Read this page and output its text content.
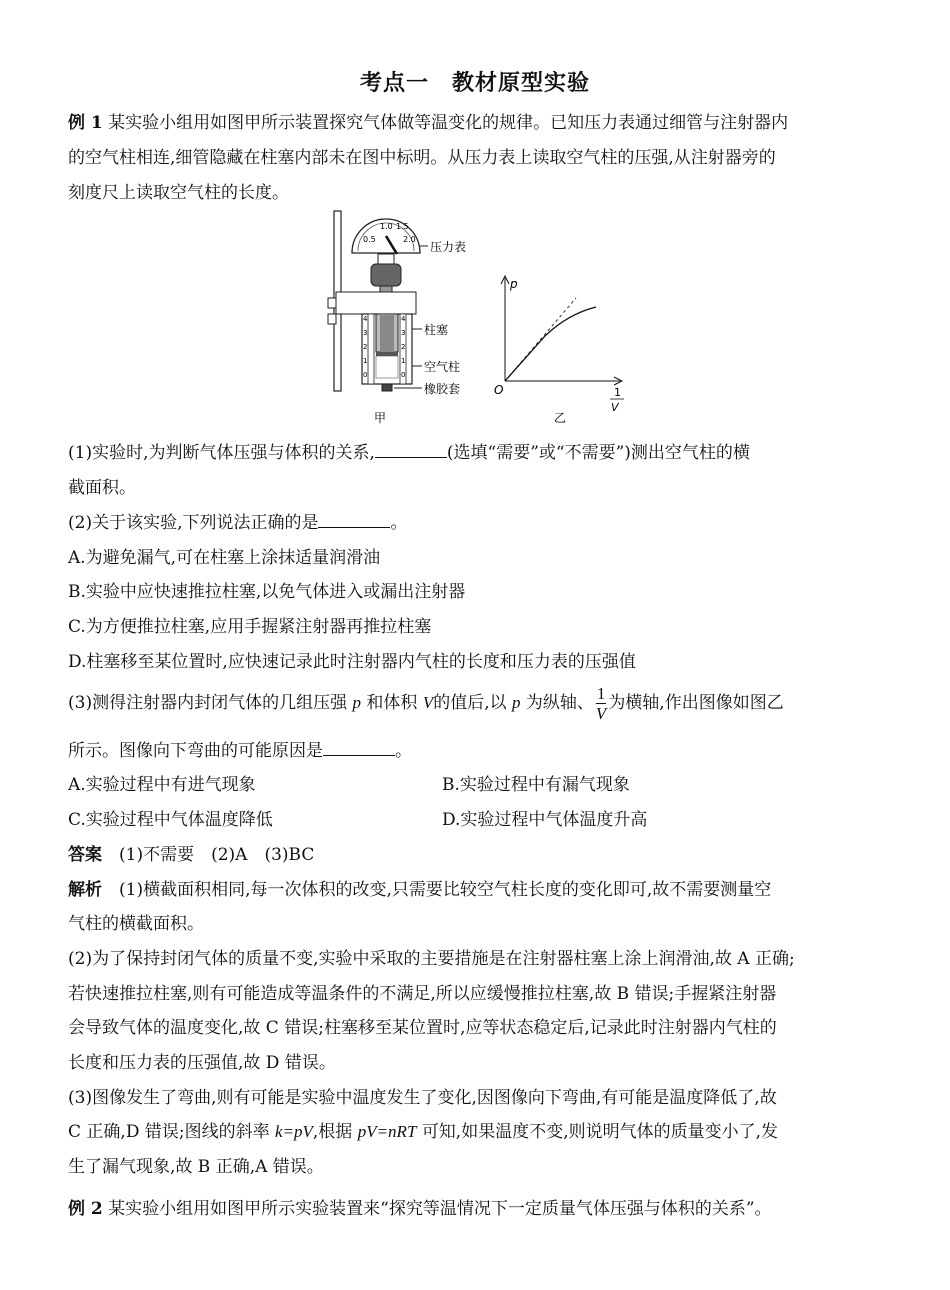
考点一　教材原型实验
例 1 某实验小组用如图甲所示装置探究气体做等温变化的规律。已知压力表通过细管与注射器内
的空气柱相连,细管隐藏在柱塞内部未在图中标明。从压力表上读取空气柱的压强,从注射器旁的
刻度尺上读取空气柱的长度。
1.0 1.5
0.5	2.0
压力表
4
3
2
1
0
4
3
2
1
0
柱塞
空气柱
橡胶套
甲
p
O	1
V
乙
(1)实验时,为判断气体压强与体积的关系,	(选填“需要”或“不需要”)测出空气柱的横
截面积。
(2)关于该实验,下列说法正确的是	。
A.为避免漏气,可在柱塞上涂抹适量润滑油
B.实验中应快速推拉柱塞,以免气体进入或漏出注射器
C.为方便推拉柱塞,应用手握紧注射器再推拉柱塞
D.柱塞移至某位置时,应快速记录此时注射器内气柱的长度和压力表的压强值
(3)测得注射器内封闭气体的几组压强 p 和体积 V的值后,以 p 为纵轴、 $\frac{1}{V}$ 为横轴,作出图像如图乙
所示。图像向下弯曲的可能原因是	。
A.实验过程中有进气现象	B.实验过程中有漏气现象
C.实验过程中气体温度降低	D.实验过程中气体温度升高
答案　 (1)不需要　(2)A　(3)BC
解析　 (1)横截面积相同,每一次体积的改变,只需要比较空气柱长度的变化即可,故不需要测量空
气柱的横截面积。
(2)为了保持封闭气体的质量不变,实验中采取的主要措施是在注射器柱塞上涂上润滑油,故 A 正确;
若快速推拉柱塞,则有可能造成等温条件的不满足,所以应缓慢推拉柱塞,故 B 错误;手握紧注射器
会导致气体的温度变化,故 C 错误;柱塞移至某位置时,应等状态稳定后,记录此时注射器内气柱的
长度和压力表的压强值,故 D 错误。
(3)图像发生了弯曲,则有可能是实验中温度发生了变化,因图像向下弯曲,有可能是温度降低了,故
C 正确,D 错误;图线的斜率 k=pV,根据 pV=nRT 可知,如果温度不变,则说明气体的质量变小了,发
生了漏气现象,故 B 正确,A 错误。
例 2 某实验小组用如图甲所示实验装置来“探究等温情况下一定质量气体压强与体积的关系”。
